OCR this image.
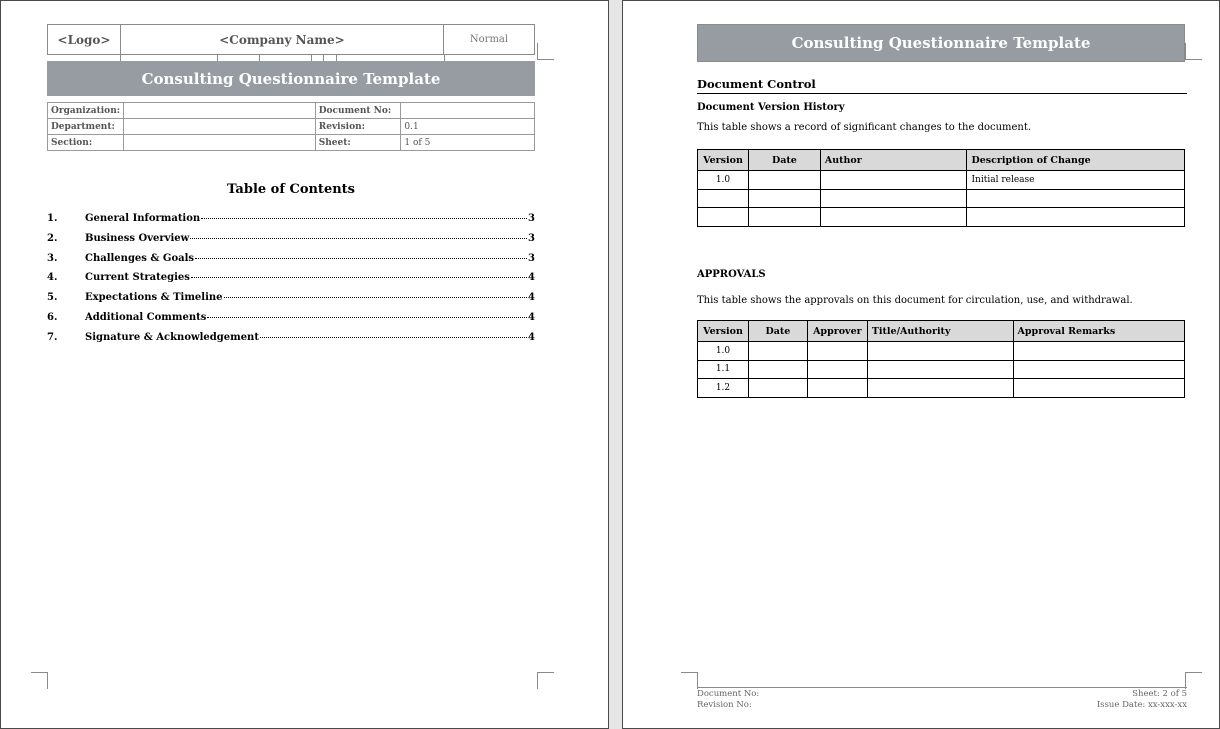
<Logo>	<Company Name>	Normal
Consulting Questionnaire Template
Organization:		Document No:	
Department:		Revision:	0.1
Section:		Sheet:	1 of 5
Table of Contents
1.	General Information	3
2.	Business Overview	3
3.	Challenges & Goals	3
4.	Current Strategies	4
5.	Expectations & Timeline	4
6.	Additional Comments	4
7.	Signature & Acknowledgement	4
Consulting Questionnaire Template
Document Control
Document Version History
This table shows a record of significant changes to the document.
Version	Date	Author	Description of Change
1.0			Initial release

APPROVALS
This table shows the approvals on this document for circulation, use, and withdrawal.
Version	Date	Approver	Title/Authority	Approval Remarks
1.0				
1.1				
1.2				
Document No:	Sheet: 2 of 5
Revision No:	Issue Date: xx-xxx-xx
